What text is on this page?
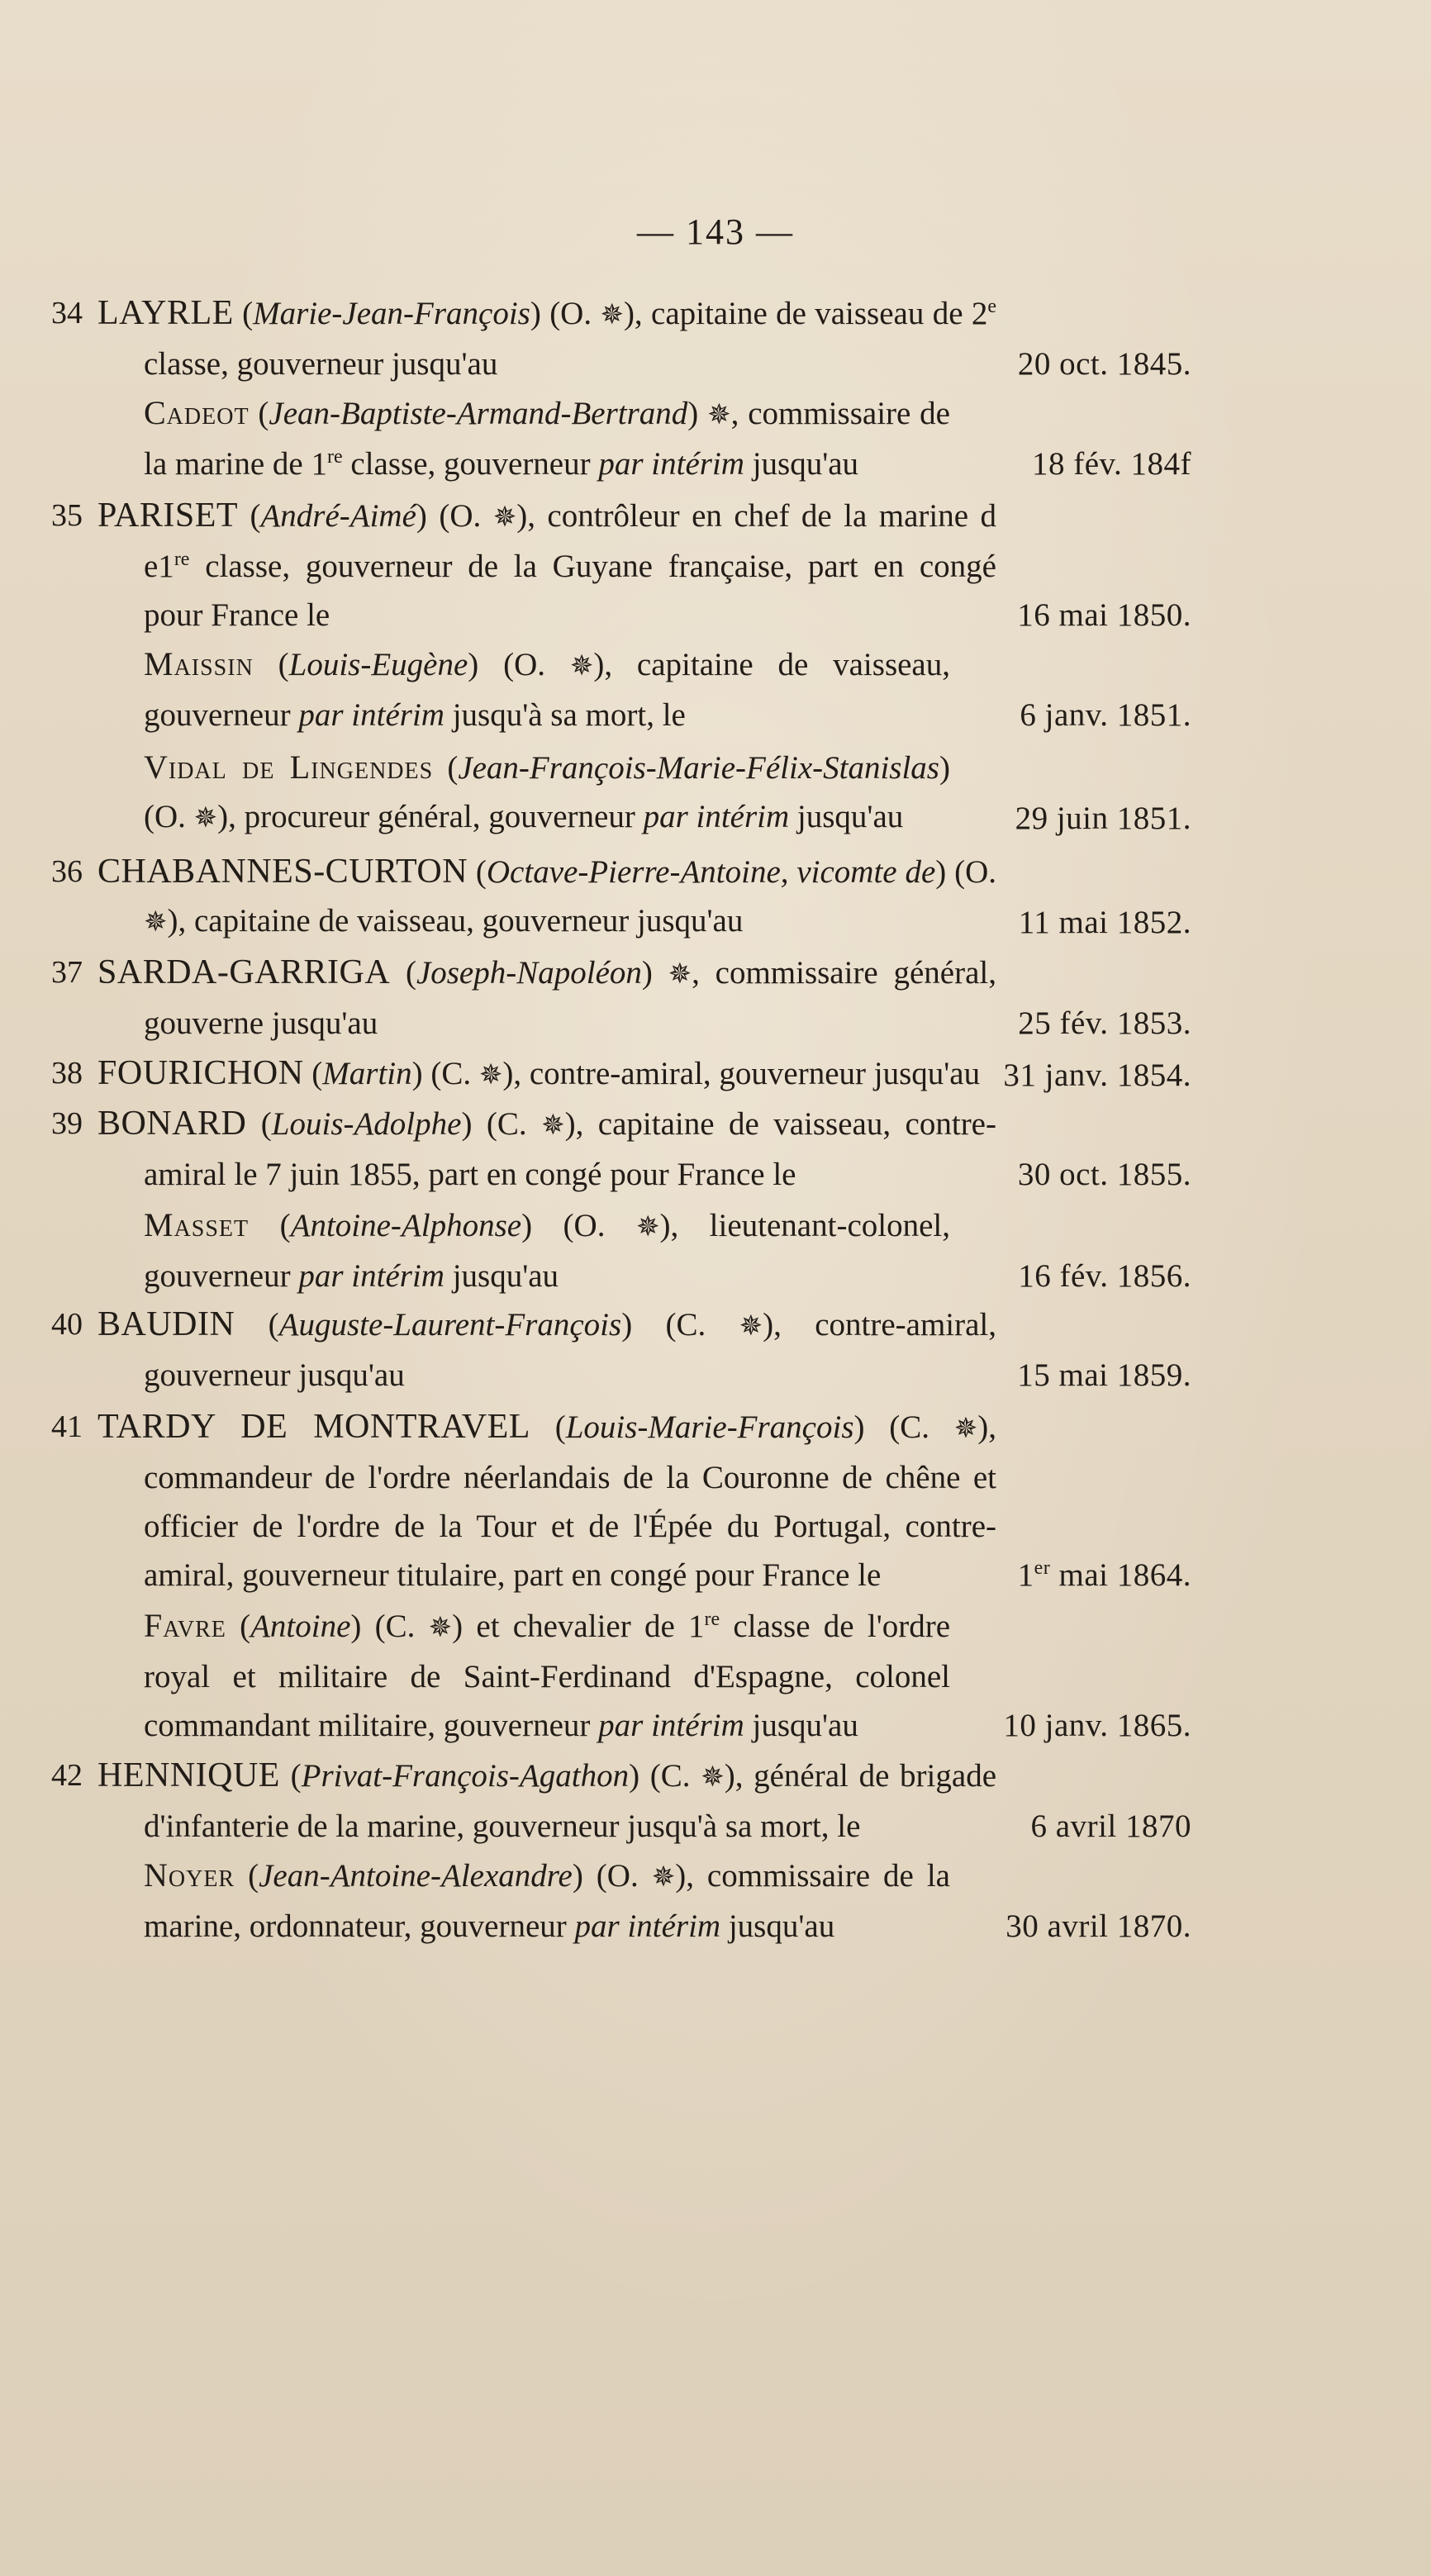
— 143 —
34 LAYRLE (Marie-Jean-François) (O. ✵), capitaine de vaisseau de 2e classe, gouverneur jusqu'au	20 oct. 1845.
Cadeot (Jean-Baptiste-Armand-Bertrand) ✵, commissaire de la marine de 1re classe, gouverneur par intérim jusqu'au	18 fév. 184f
35 PARISET (André-Aimé) (O. ✵), contrôleur en chef de la marine d e1re classe, gouverneur de la Guyane française, part en congé pour France le	16 mai 1850.
Maissin (Louis-Eugène) (O. ✵), capitaine de vaisseau, gouverneur par intérim jusqu'à sa mort, le	6 janv. 1851.
Vidal de Lingendes (Jean-François-Marie-Félix-Stanislas) (O. ✵), procureur général, gouverneur par intérim jusqu'au	29 juin 1851.
36 CHABANNES-CURTON (Octave-Pierre-Antoine, vicomte de) (O. ✵), capitaine de vaisseau, gouverneur jusqu'au	11 mai 1852.
37 SARDA-GARRIGA (Joseph-Napoléon) ✵, commissaire général, gouverne jusqu'au	25 fév. 1853.
38 FOURICHON (Martin) (C. ✵), contre-amiral, gouverneur jusqu'au 31 janv. 1854.
39 BONARD (Louis-Adolphe) (C. ✵), capitaine de vaisseau, contre-amiral le 7 juin 1855, part en congé pour France le	30 oct. 1855.
Masset (Antoine-Alphonse) (O. ✵), lieutenant-colonel, gouverneur par intérim jusqu'au	16 fév. 1856.
40 BAUDIN (Auguste-Laurent-François) (C. ✵), contre-amiral, gouverneur jusqu'au	15 mai 1859.
41 TARDY DE MONTRAVEL (Louis-Marie-François) (C. ✵), commandeur de l'ordre néerlandais de la Couronne de chêne et officier de l'ordre de la Tour et de l'Épée du Portugal, contre-amiral, gouverneur titulaire, part en congé pour France le	1er mai 1864.
Favre (Antoine) (C. ✵) et chevalier de 1re classe de l'ordre royal et militaire de Saint-Ferdinand d'Espagne, colonel commandant militaire, gouverneur par intérim jusqu'au	10 janv. 1865.
42 HENNIQUE (Privat-François-Agathon) (C. ✵), général de brigade d'infanterie de la marine, gouverneur jusqu'à sa mort, le	6 avril 1870
Noyer (Jean-Antoine-Alexandre) (O. ✵), commissaire de la marine, ordonnateur, gouverneur par intérim jusqu'au	30 avril 1870.
